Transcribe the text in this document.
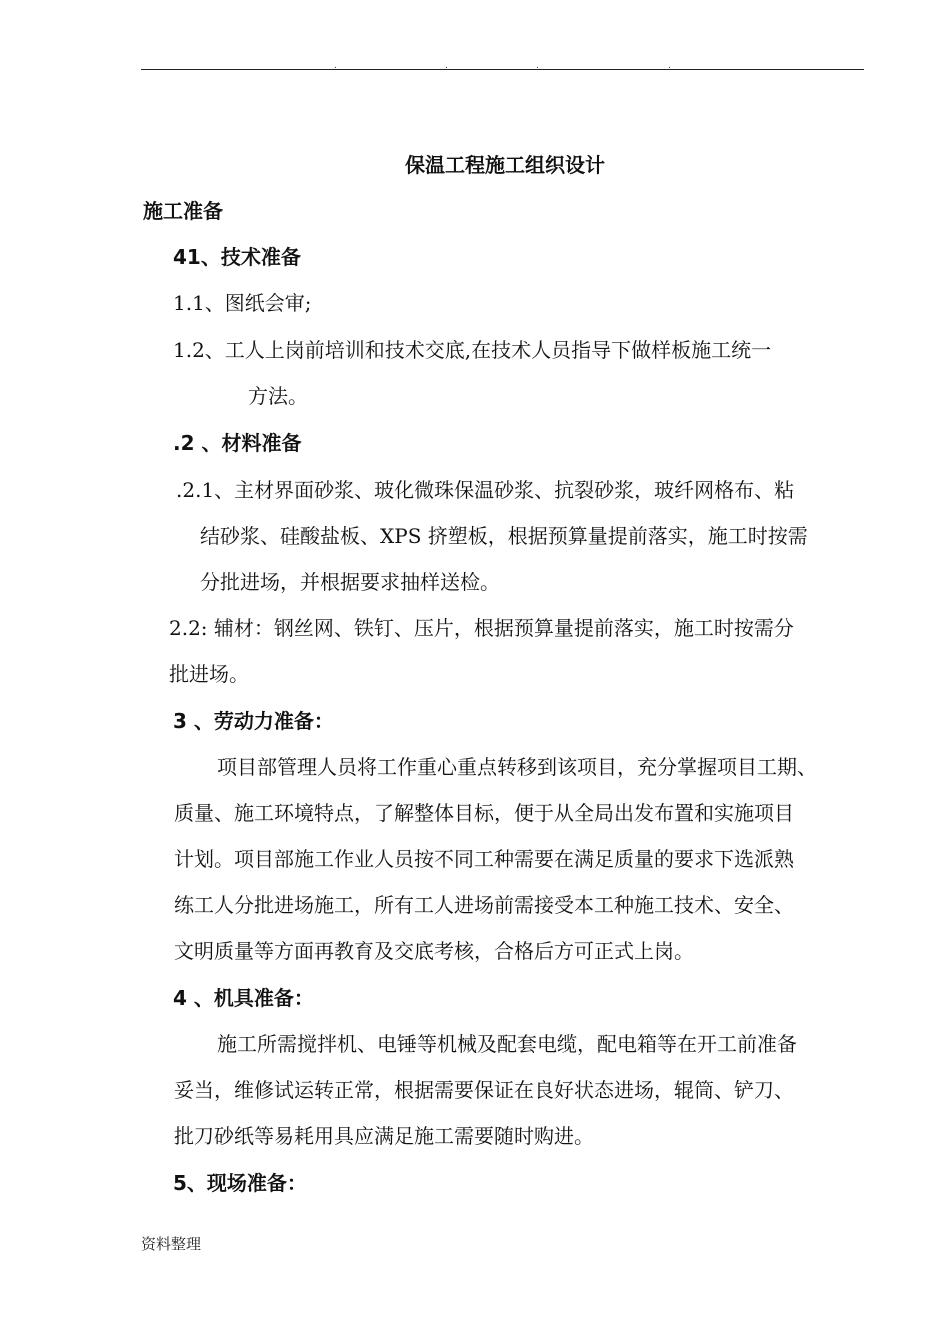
.	.	.	.
保温工程施工组织设计
施工准备
41、技术准备
1.1、图纸会审;
1.2、工人上岗前培训和技术交底,在技术人员指导下做样板施工统一
方法。
.2 、材料准备
.2.1、主材界面砂浆、玻化微珠保温砂浆、抗裂砂浆，玻纤网格布、粘
结砂浆、硅酸盐板、XPS 挤塑板，根据预算量提前落实，施工时按需
分批进场，并根据要求抽样送检。
2.2: 辅材：钢丝网、铁钉、压片，根据预算量提前落实，施工时按需分
批进场。
3 、劳动力准备：
项目部管理人员将工作重心重点转移到该项目，充分掌握项目工期、
质量、施工环境特点，了解整体目标，便于从全局出发布置和实施项目
计划。项目部施工作业人员按不同工种需要在满足质量的要求下选派熟
练工人分批进场施工，所有工人进场前需接受本工种施工技术、安全、
文明质量等方面再教育及交底考核，合格后方可正式上岗。
4 、机具准备：
施工所需搅拌机、电锤等机械及配套电缆，配电箱等在开工前准备
妥当，维修试运转正常，根据需要保证在良好状态进场，辊筒、铲刀、
批刀砂纸等易耗用具应满足施工需要随时购进。
5、现场准备：
资料整理
